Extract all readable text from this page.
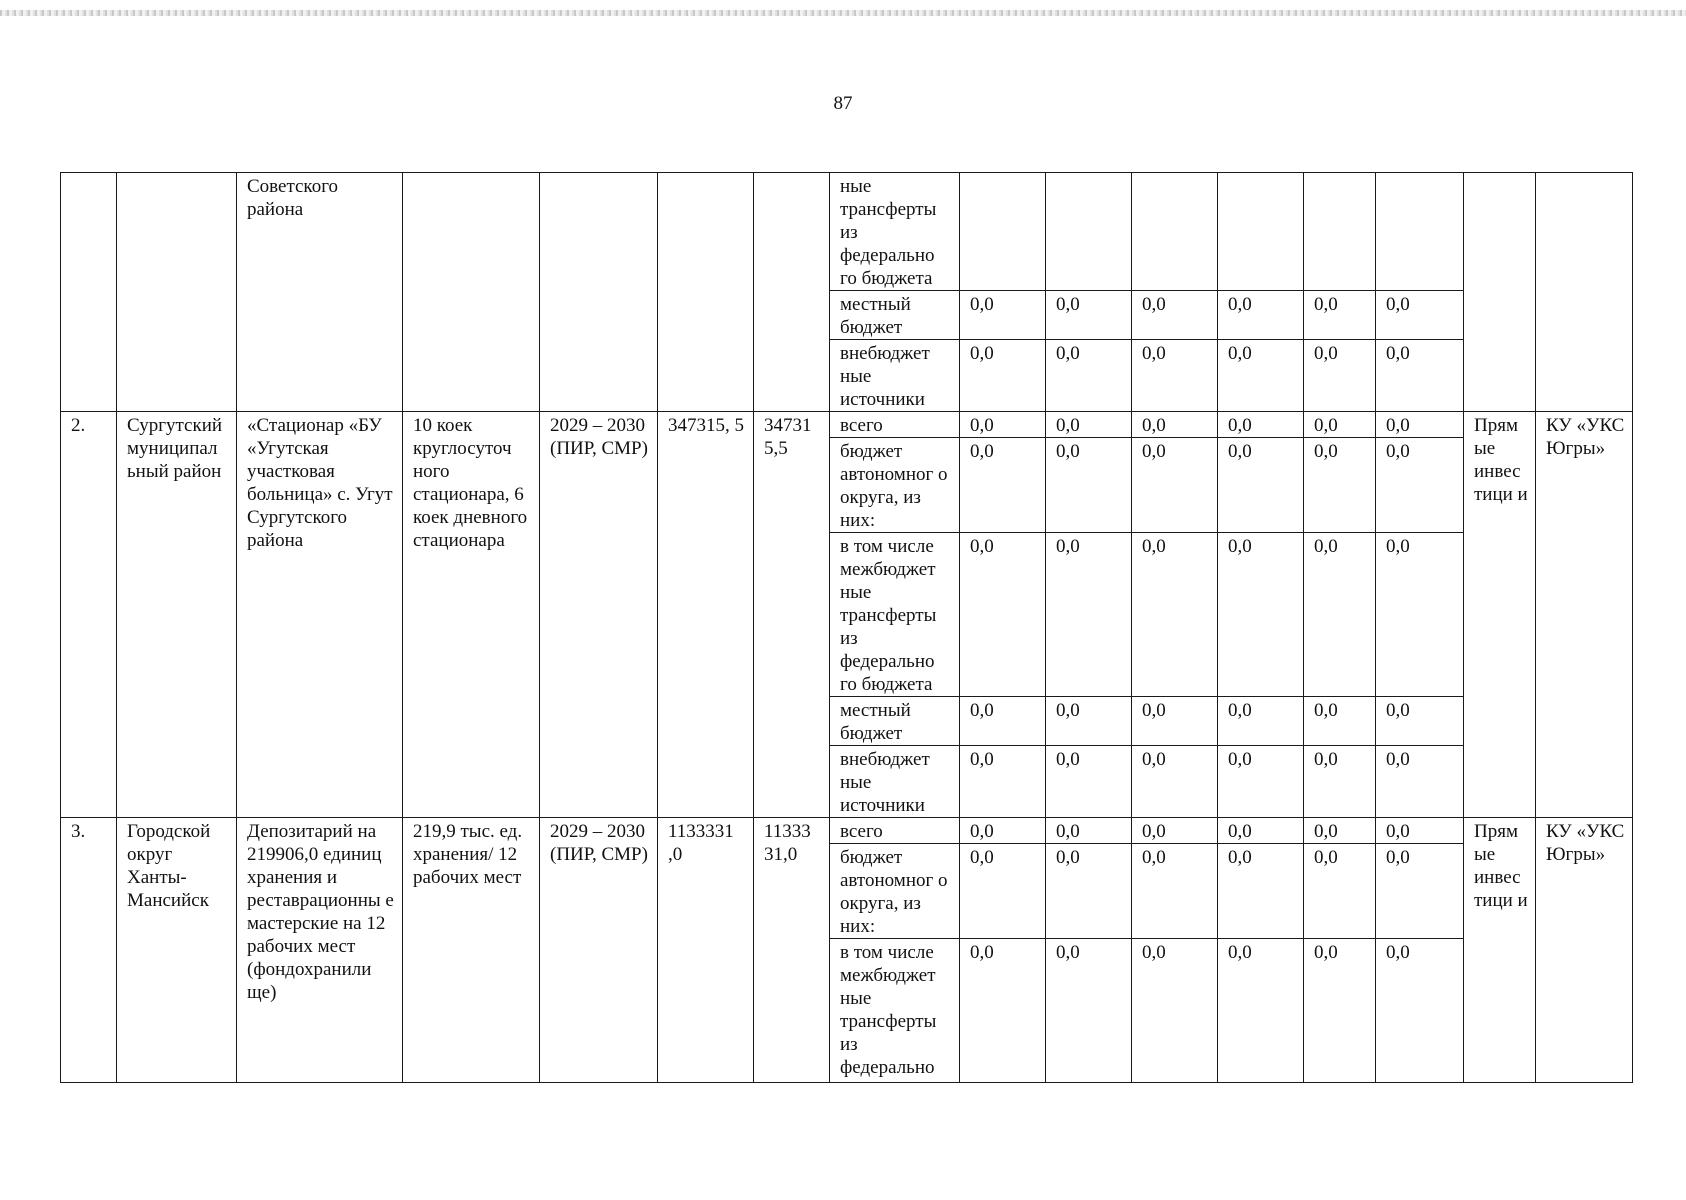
87
		Советского района					ные трансферты из федерально го бюджета								
							местный бюджет	0,0	0,0	0,0	0,0	0,0	0,0		
							внебюджет ные источники	0,0	0,0	0,0	0,0	0,0	0,0		
2.	Сургутский муниципал ьный район	«Стационар «БУ «Угутская участковая больница» с. Угут Сургутского района	10 коек круглосуточ ного стационара, 6 коек дневного стационара	2029 – 2030 (ПИР, СМР)	347315, 5	34731 5,5	всего	0,0	0,0	0,0	0,0	0,0	0,0	Прям ые инвес тици и	КУ «УКС Югры»
							бюджет автономног о округа, из них:	0,0	0,0	0,0	0,0	0,0	0,0		
							в том числе межбюджет ные трансферты из федерально го бюджета	0,0	0,0	0,0	0,0	0,0	0,0		
							местный бюджет	0,0	0,0	0,0	0,0	0,0	0,0		
							внебюджет ные источники	0,0	0,0	0,0	0,0	0,0	0,0		
3.	Городской округ Ханты- Мансийск	Депозитарий на 219906,0 единиц хранения и реставрационны е мастерские на 12 рабочих мест (фондохранили ще)	219,9 тыс. ед. хранения/ 12 рабочих мест	2029 – 2030 (ПИР, СМР)	1133331 ,0	11333 31,0	всего	0,0	0,0	0,0	0,0	0,0	0,0	Прям ые инвес тици и	КУ «УКС Югры»
							бюджет автономног о округа, из них:	0,0	0,0	0,0	0,0	0,0	0,0		
							в том числе межбюджет ные трансферты из федерально	0,0	0,0	0,0	0,0	0,0	0,0		
